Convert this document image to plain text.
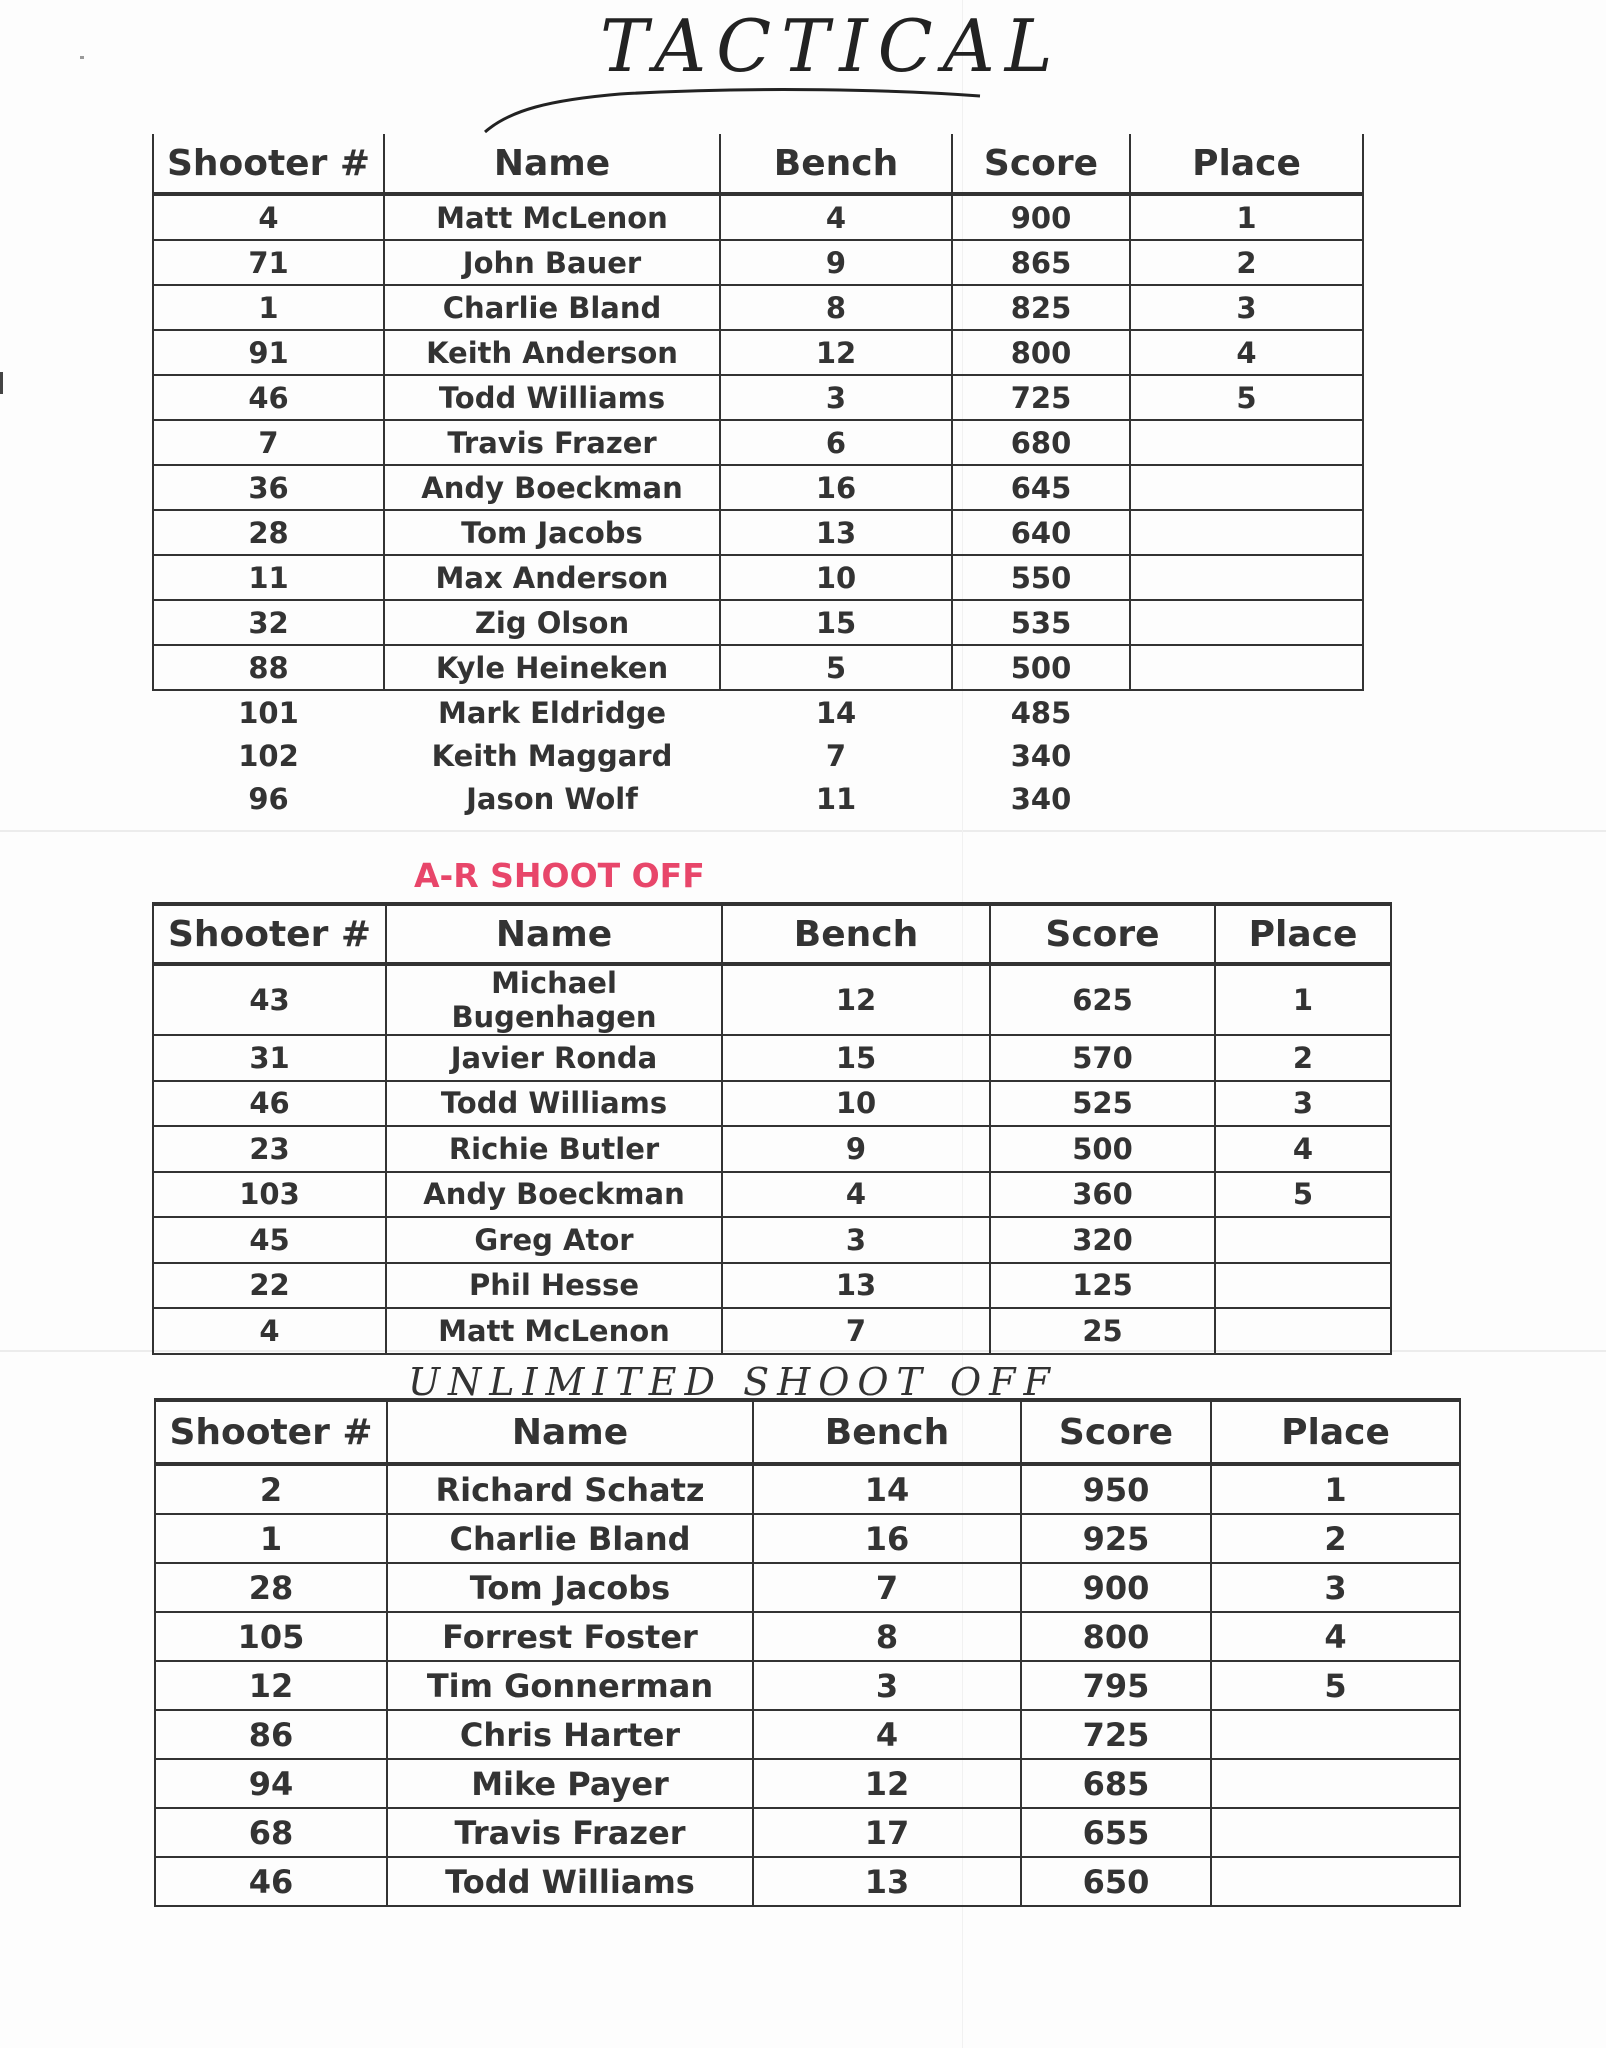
TACTICAL
Shooter #	Name	Bench	Score	Place
4	Matt McLenon	4	900	1
71	John Bauer	9	865	2
1	Charlie Bland	8	825	3
91	Keith Anderson	12	800	4
46	Todd Williams	3	725	5
7	Travis Frazer	6	680	
36	Andy Boeckman	16	645	
28	Tom Jacobs	13	640	
11	Max Anderson	10	550	
32	Zig Olson	15	535	
88	Kyle Heineken	5	500	
101	Mark Eldridge	14	485	
102	Keith Maggard	7	340	
96	Jason Wolf	11	340	
A-R SHOOT OFF
Shooter #	Name	Bench	Score	Place
43	Michael Bugenhagen	12	625	1
31	Javier Ronda	15	570	2
46	Todd Williams	10	525	3
23	Richie Butler	9	500	4
103	Andy Boeckman	4	360	5
45	Greg Ator	3	320	
22	Phil Hesse	13	125	
4	Matt McLenon	7	25	
UNLIMITED SHOOT OFF
Shooter #	Name	Bench	Score	Place
2	Richard Schatz	14	950	1
1	Charlie Bland	16	925	2
28	Tom Jacobs	7	900	3
105	Forrest Foster	8	800	4
12	Tim Gonnerman	3	795	5
86	Chris Harter	4	725	
94	Mike Payer	12	685	
68	Travis Frazer	17	655	
46	Todd Williams	13	650	
